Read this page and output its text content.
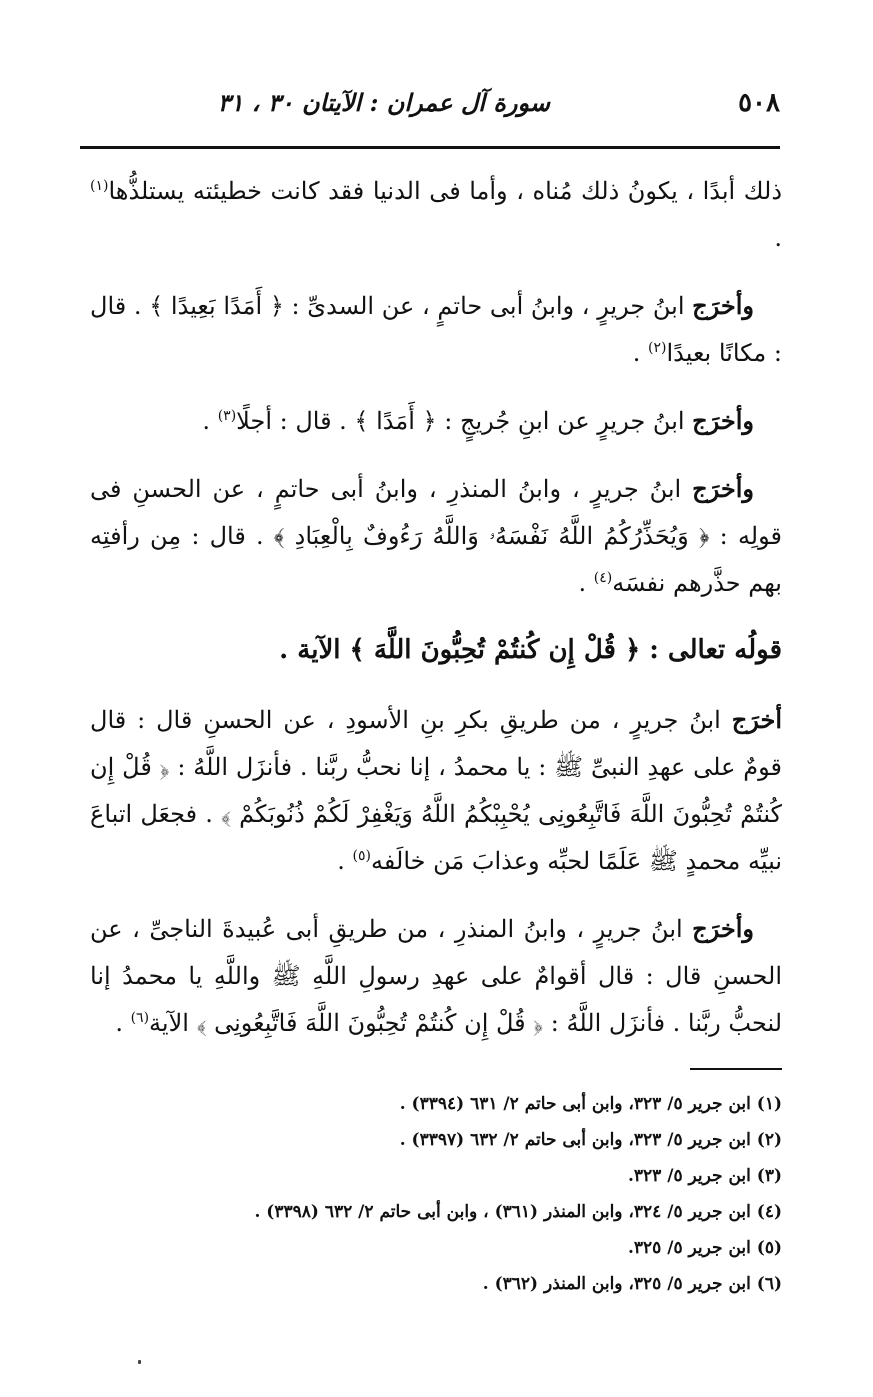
٥٠٨
سورة آل عمران : الآيتان ٣٠ ، ٣١

ذلك أبدًا ، يكونُ ذلك مُناه ، وأما فى الدنيا فقد كانت خطيئته يستلذُّها$^{(١)}$ .

وأخرَج ابنُ جريرٍ ، وابنُ أبى حاتمٍ ، عن السدىِّ : ﴿ أَمَدًا بَعِيدًا ﴾ . قال : مكانًا بعيدًا$^{(٢)}$ .

وأخرَج ابنُ جريرٍ عن ابنِ جُريجٍ : ﴿ أَمَدًا ﴾ . قال : أجلًا$^{(٣)}$ .

وأخرَج ابنُ جريرٍ ، وابنُ المنذرِ ، وابنُ أبى حاتمٍ ، عن الحسنِ فى قولِه : ﴿ وَيُحَذِّرُكُمُ اللَّهُ نَفْسَهُۥ وَاللَّهُ رَءُوفٌ بِالْعِبَادِ ﴾ . قال : مِن رأفتِه بهم حذَّرهم نفسَه$^{(٤)}$ .

قولُه تعالى : ﴿ قُلْ إِن كُنتُمْ تُحِبُّونَ اللَّهَ ﴾ الآية .

أخرَج ابنُ جريرٍ ، من طريقِ بكرِ بنِ الأسودِ ، عن الحسنِ قال : قال قومٌ على عهدِ النبىِّ ﷺ : يا محمدُ ، إنا نحبُّ ربَّنا . فأنزَل اللَّهُ : ﴿ قُلْ إِن كُنتُمْ تُحِبُّونَ اللَّهَ فَاتَّبِعُونِى يُحْبِبْكُمُ اللَّهُ وَيَغْفِرْ لَكُمْ ذُنُوبَكُمْ ﴾ . فجعَل اتباعَ نبيِّه محمدٍ ﷺ عَلَمًا لحبِّه وعذابَ مَن خالَفه$^{(٥)}$ .

وأخرَج ابنُ جريرٍ ، وابنُ المنذرِ ، من طريقِ أبى عُبيدةَ الناجىِّ ، عن الحسنِ قال : قال أقوامٌ على عهدِ رسولِ اللَّهِ ﷺ واللَّهِ يا محمدُ إنا لنحبُّ ربَّنا . فأنزَل اللَّهُ : ﴿ قُلْ إِن كُنتُمْ تُحِبُّونَ اللَّهَ فَاتَّبِعُونِى ﴾ الآية$^{(٦)}$ .

(١) ابن جرير ٥/ ٣٢٣، وابن أبى حاتم ٢/ ٦٣١ (٣٣٩٤) .
(٢) ابن جرير ٥/ ٣٢٣، وابن أبى حاتم ٢/ ٦٣٢ (٣٣٩٧) .
(٣) ابن جرير ٥/ ٣٢٣.
(٤) ابن جرير ٥/ ٣٢٤، وابن المنذر (٣٦١) ، وابن أبى حاتم ٢/ ٦٣٢ (٣٣٩٨) .
(٥) ابن جرير ٥/ ٣٢٥.
(٦) ابن جرير ٥/ ٣٢٥، وابن المنذر (٣٦٢) .
